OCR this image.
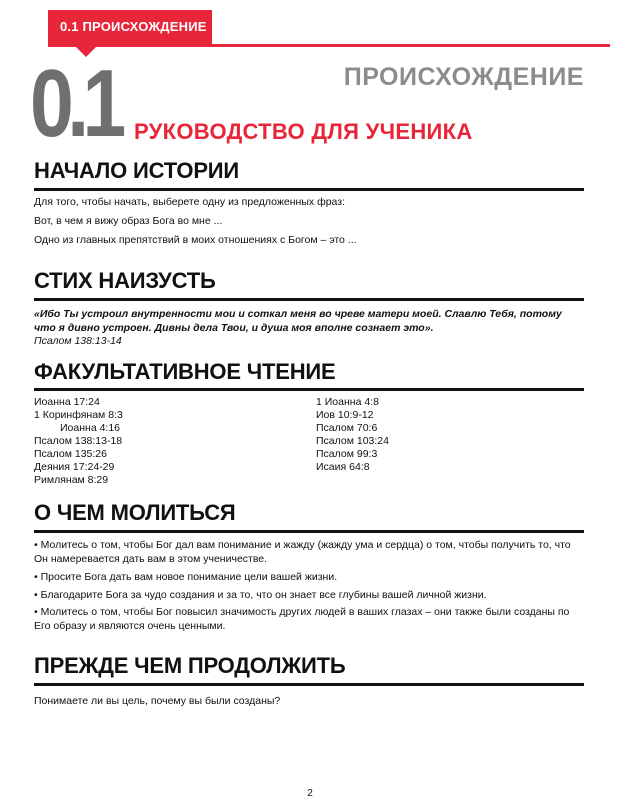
0.1 ПРОИСХОЖДЕНИЕ
0.1	ПРОИСХОЖДЕНИЕ
РУКОВОДСТВО ДЛЯ УЧЕНИКА
НАЧАЛО ИСТОРИИ
Для того, чтобы начать, выберете одну из предложенных фраз:
Вот, в чем я вижу образ Бога во мне ...
Одно из главных препятствий в моих отношениях с Богом – это ...
СТИХ НАИЗУСТЬ
«Ибо Ты устроил внутренности мои и соткал меня во чреве матери моей. Славлю Тебя, потому что я дивно устроен. Дивны дела Твои, и душа моя вполне сознает это».
Псалом 138:13-14
ФАКУЛЬТАТИВНОЕ ЧТЕНИЕ
Иоанна 17:24
1 Коринфянам 8:3
Иоанна 4:16
Псалом 138:13-18
Псалом 135:26
Деяния 17:24-29
Римлянам 8:29
1 Иоанна 4:8
Иов 10:9-12
Псалом 70:6
Псалом 103:24
Псалом 99:3
Исаия 64:8
О ЧЕМ МОЛИТЬСЯ
• Молитесь о том, чтобы Бог дал вам понимание и жажду (жажду ума и сердца) о том, чтобы получить то, что Он намеревается дать вам в этом ученичестве.
• Просите Бога дать вам новое понимание цели вашей жизни.
• Благодарите Бога за чудо создания и за то, что он знает все глубины вашей личной жизни.
• Молитесь о том, чтобы Бог повысил значимость других людей в ваших глазах – они также были созданы по Его образу и являются очень ценными.
ПРЕЖДЕ ЧЕМ ПРОДОЛЖИТЬ
Понимаете ли вы цель, почему вы были созданы?
2
